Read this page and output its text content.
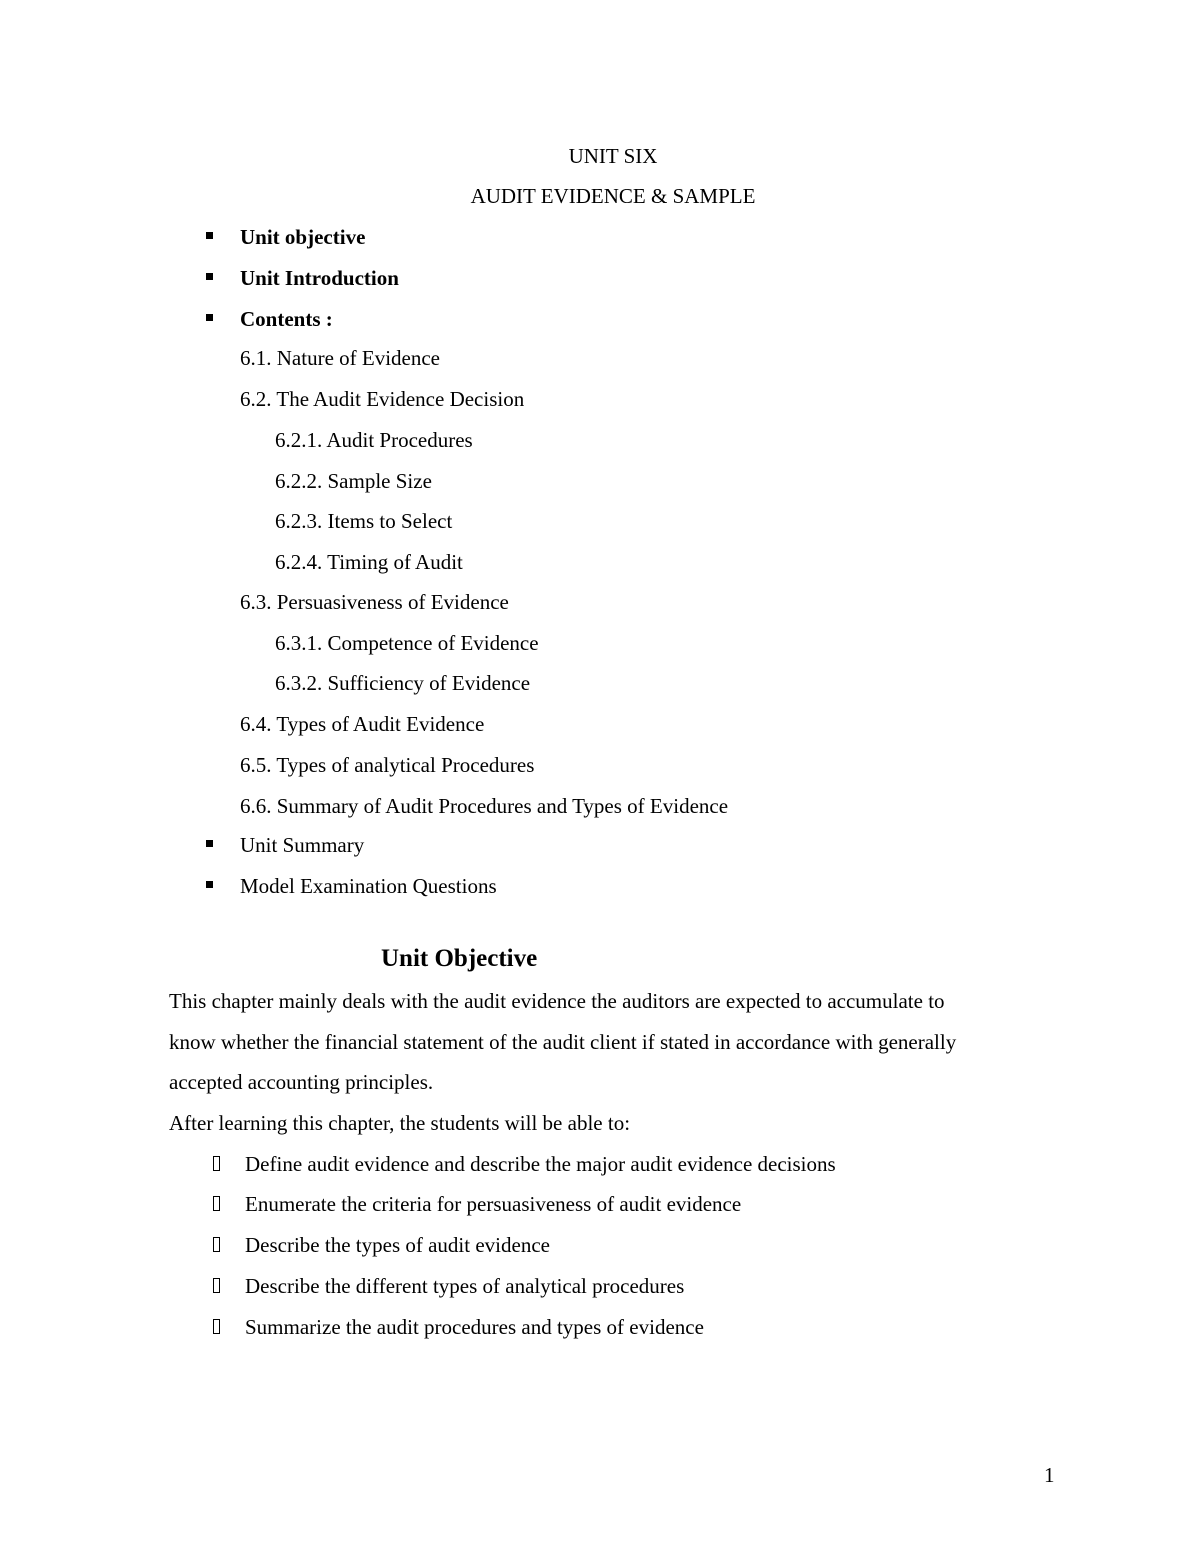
UNIT SIX
AUDIT EVIDENCE & SAMPLE
Unit objective
Unit Introduction
Contents :
6.1. Nature of Evidence
6.2. The Audit Evidence Decision
6.2.1. Audit Procedures
6.2.2. Sample Size
6.2.3. Items to Select
6.2.4. Timing of Audit
6.3. Persuasiveness of Evidence
6.3.1. Competence of Evidence
6.3.2. Sufficiency of Evidence
6.4. Types of Audit Evidence
6.5. Types of analytical Procedures
6.6. Summary of Audit Procedures and Types of Evidence
Unit Summary
Model Examination Questions
Unit Objective
This chapter mainly deals with the audit evidence the auditors are expected to accumulate to
know whether the financial statement of the audit client if stated in accordance with generally
accepted accounting principles.
After learning this chapter, the students will be able to:
Define audit evidence and describe the major audit evidence decisions
Enumerate the criteria for persuasiveness of audit evidence
Describe the types of audit evidence
Describe the different types of analytical procedures
Summarize the audit procedures and types of evidence
1
